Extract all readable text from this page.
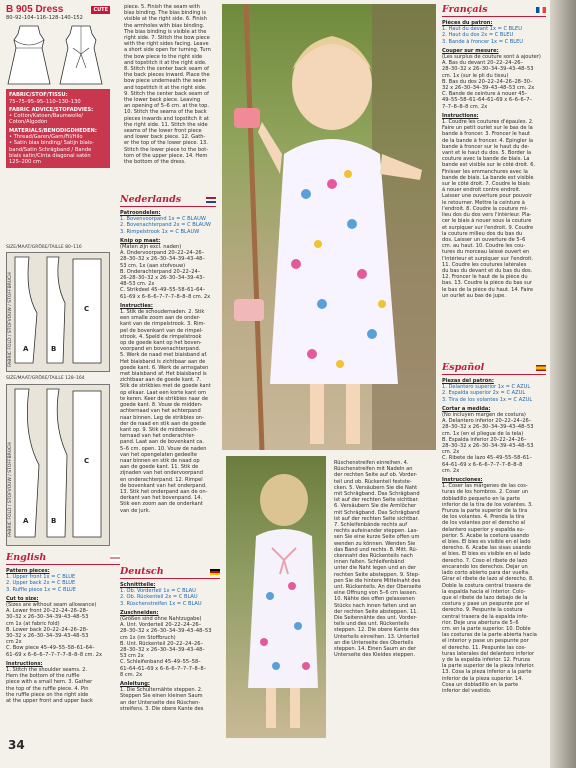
B 905 Dress	CUTE
80–92–104–116–128–140–152
FABRIC/STOF/TISSU:
75–75–95–95–110–130–130
FABRIC ADVICE/STOFADVIES:
• Cotton/Katoen/Baumwolle/
Coton/Algodón
MATERIALS/BENODIGDHEDEN:
• Thread/Garen/Garn/Fil/Hilo
• Satin bias binding/ Satijn biais-
band/Satin Schrägband / Bande
biais satin/Cinta diagonal satén
125–200 cm
SIZE/MAAT/GRÖßE/TAILLE 80–116
FABRIC FOLD / STOFVOUW / STOFFBRUCH A	B
C
SIZE/MAAT/GRÖßE/TAILLE 128–164
FABRIC FOLD / STOFVOUW / STOFFBRUCH A	B
C
English
Pattern pieces:
1. Upper front 1x = C BLUE
2. Upper back 2x = C BLUE
3. Ruffle piece 1x = C BLUE
Cut to size:
(Sizes are without seam allowance)
A. Lower front 20–22–24–26–28–
30–32 x 26–30–34–39–43–48–53
cm 1x (at fabric fold)
B. Lower back 20–22–24–26–28–
30–32 x 26–30–34–39–43–48–53
cm 2x
C. Bow piece 45–49–55–58–61–64–
61–69 x 6–6–6–7–7–7–7–8–8–8 cm. 2x
Instructions:
1. Stitch the shoulder seams. 2.
Hem the bottom of the ruffle
piece with a small hem. 3. Gather
the top of the ruffle piece. 4. Pin
the ruffle piece on the right side
at the upper front and upper back
piece. 5. Finish the seam with
bias binding. The bias binding is
visible at the right side. 6. Finish
the armholes with bias binding.
The bias binding is visible at the
right side. 7. Stitch the bow piece
with the right sides facing. Leave
a short side open for turning. Turn
the bow piece to the right side
and topstitch it at the right side.
8. Stitch the center back seam of
the back pieces inward. Place the
bow piece underneath the seam
and topstitch it at the right side.
9. Stitch the center back seam of
the lower back piece. Leaving
an opening of 5–6 cm. at the top.
10. Stitch the seams of the back
pieces inwards and topstitch it at
the right side. 11. Stitch the side
seams of the lower front piece
and lower back piece. 12. Gath-
er the top of the lower piece. 13.
Stitch the lower piece to the bot-
tom of the upper piece. 14. Hem
the bottom of the dress.
Nederlands
Patroondelen:
1. Bovenvoorpand 1x = C BLAUW
2. Bovenachterpand 2x = C BLAUW
3. Rimpelstrook 1x = C BLAUW
Knip op maat:
(Maten zijn excl. naden)
A. Ondervoorpand 20–22–24–26–
28–30–32 x 26–30–34–39–43–48–
53 cm. 1x (aan stofvouw)
B. Onderachterpand 20–22–24–
26–28–30–32 x 26–30–34–39–43–
48–53 cm. 2x
C. Strikdeel 45–49–55–58–61–64–
61–69 x 6–6–6–7–7–7–8–8–8 cm. 2x
Instructies:
1. Stik de schoudernaden. 2. Stik
een smalle zoom aan de onder-
kant van de rimpelstrook. 3. Rim-
pel de bovenkant van de rimpel-
strook. 4. Speld de rimpelstrook
op de goede kant op het boven-
voorpand en bovenachterpand.
5. Werk de naad met biaisband af.
Het biaisband is zichtbaar aan de
goede kant. 6. Werk de armsgaten
met biaisband af. Het biaisband is
zichtbaar aan de goede kant. 7.
Stik de strikbies met de goede kant
op elkaar. Laat een korte kant om
te keren. Keer de strikbies naar de
goede kant. 8. Vouw de midden-
achternaad van het achterpand
naar binnen. Leg de strikbies on-
der de naad en stik aan de goede
kant op. 9. Stik de middenach-
ternaad van het onderachter-
pand. Laat aan de bovenkant ca.
5–6 cm. open. 10. Vouw de naden
van het opengelaten gedeelte
naar binnen en stik de naad op
aan de goede kant. 11. Stik de
zijnaden van het ondervoorpand
en onderachterpand. 12. Rimpel
de bovenkant van het onderpand.
13. Stik het onderpand aan de on-
derkant van het bovenpand. 14.
Stik een zoom aan de onderkant
van de jurk.
Deutsch
Schnittteile:
1. Ob. Vorderteil 1x = C BLAU
2. Ob. Rückenteil 2x = C BLAU
3. Rüschenstreifen 1x = C BLAU
Zuschneiden:
(Größen sind ohne Nahtzugabe)
A. Unt. Vorderteil 20–22–24–26–
28–30–32 x 26–30–34–39–43–48–53
cm 1x (im Stoffbruch)
B. Unt. Rückenteil 20–22–24–26–
28–30–32 x 26–30–34–39–43–48–
53 cm 2x
C. Schleifenband 45–49–55–58–
61–64–61–69 x 6–6–6–7–7–7–8–8–
8 cm. 2x
Anleitung:
1. Die Schulternähte steppen. 2.
Steppen Sie einen kleinen Saum
an der Unterseite des Rüschen-
streifens. 3. Die obere Kante des
Rüschenstreifen einreihen. 4.
Rüschenstreifen mit Nadeln an
der rechten Seite auf ob. Vorder-
teil und ob. Rückenteil festste-
cken. 5. Versäubern Sie die Naht
mit Schrägband. Das Schrägband
ist auf der rechten Seite sichtbar.
6. Versäubern Sie die Armlöcher
mit Schrägband. Das Schrägband
ist auf der rechten Seite sichtbar.
7. Schleifenbände rechts auf
rechts aufeinander steppen. Las-
sen Sie eine kurze Seite offen um
wenden zu können. Wenden Sie
das Band und rechts. 8. Mitt. Rü-
ckennaht des Rückenteils nach
innen falten. Schleifenbänd
unter die Naht legen und an der
rechten Seite absteppen. 9. Step-
pen Sie die hintere Mittelnaht des
unt. Rückenteils. An der Oberseite
eine Öffnung von 5–6 cm lassen.
10. Nähte des offen gelassenen
Stücks nach innen falten und an
der rechten Seite absteppen. 11.
Die Seitennähte des unt. Vorder-
teils und des unt. Rückenteils
steppen. 12. Die obere Kante des
Unterteils einreihen. 13. Unterteil
an die Unterseite des Oberteils
steppen. 14. Einen Saum an der
Unterseite des Kleides steppen.
Français
Pièces du patron:
1. Haut du devant 1x = C BLEU
2. Haut du dos 2x = C BLEU
3. Bande à froncer 1x = C BLEU
Couper sur mesure:
(Les surplus de couture sont à ajouter)
A. Bas du devant 20–22–24–26–
28–30–32 x 26–30–34–39–43–48–53
cm. 1x (sur le pli du tissu)
B. Bas du dos 20–22–24–26–28–30–
32 x 26–30–34–39–43–48–53 cm. 2x
C. Bande de ceinture à nouer 45–
49–55–58–61–64–61–69 x 6–6–6–7–
7–7–8–8–8 cm. 2x
Instructions:
1. Coudre les coutures d'épaules. 2.
Faire un petit ourlet sur le bas de la
bande à froncer. 3. Froncer le haut
de la bande à froncer. 4. Épingler la
bande à froncer sur le haut du de-
vant et le haut du dos. 5. Border la
couture avec la bande de biais. La
bande est visible sur le côté droit. 6.
Finisser les emmanchures avec la
bande de biais. La bande est visible
sur le côté droit. 7. Coudre le biais
à nouer endroit contre endroit.
Laisser une ouverture pour pouvoir
le retourner. Mettre la ceinture à
l'endroit. 8. Coudre la couture mi-
lieu dos du dos vers l'intérieur. Pla-
cer le biais à nouer sous la couture
et surpiquer sur l'endroit. 9. Coudre
la couture milieu dos du bas du
dos. Laisser un ouverture de 5–6
cm. au haut. 10. Coudre les cou-
tures du morceau laissé ouvert en
l'intérieur et surpiquer sur l'endroit.
11. Coudre les coutures latérales
du bas du devant et du bas du dos.
12. Froncer le haut de la pièce du
bas. 13. Coudre la pièce du bas sur
le bas de la pièce du haut. 14. Faire
un ourlet au bas de jupe.
Español
Piezas del patrón:
1. Delantero superior 1x = C AZUL
2. Espalda superior 2x = C AZUL
3. Tira de los volantes 1x = C AZUL
Cortar a medida:
(No incluyen margen de costura)
A. Delantero inferior 20–22–24–26–
28–30–32 x 26–30–34–39–43–48–53
cm. 1x (en el pliegue de la tela)
B. Espalda inferior 20–22–24–26–
28–30–32 x 26–30–34–39–43–48–53
cm. 2x
C. Ribete de lazo 45–49–55–58–61–
64–61–69 x 6–6–6–7–7–7–8–8–8
cm. 2x
Instrucciones:
1. Coser las márgenes de las cos-
turas de los hombros. 2. Coser un
dobladillo pequeño en la parte
inferior de la tira de los volantes. 3.
Frunza la parte superior de la tira
de los volantes. 4. Prenda la tira
de los volantes por el derecho al
delantero superior y espalda su-
perior. 5. Acabe la costura usando
el bies. El bies es visible en el lado
derecho. 6. Acabe las sisas usando
el bies. El bies es visible en el lado
derecho. 7. Coso el ribete de lazo
encarando los derechos. Dejar un
lado corto abierto para dar vuelta.
Girar el ribete de lazo al derecho. 8.
Doble la costura central trasera de
la espalda hacia el interior. Colo-
que el ribete de lazo debajo de la
costura y pase un pespunte por el
derecho. 9. Pespunte la costura
central trasera de la espalda infe-
rior. Deje una abertura de 5–6
cm. en la parte superior. 10. Doble
las costuras de la parte abierta hacia
el interior y pase un pespunte por
el derecho. 11. Pespunte las cos-
turas laterales del delantero inferior
y de la espalda inferior. 12. Frunza
la parte superior de la pieza inferior.
13. Cosa la pieza inferior a la parte
inferior de la pieza superior. 14.
Cosa un dobladillo en la parte
inferior del vestido.
34
